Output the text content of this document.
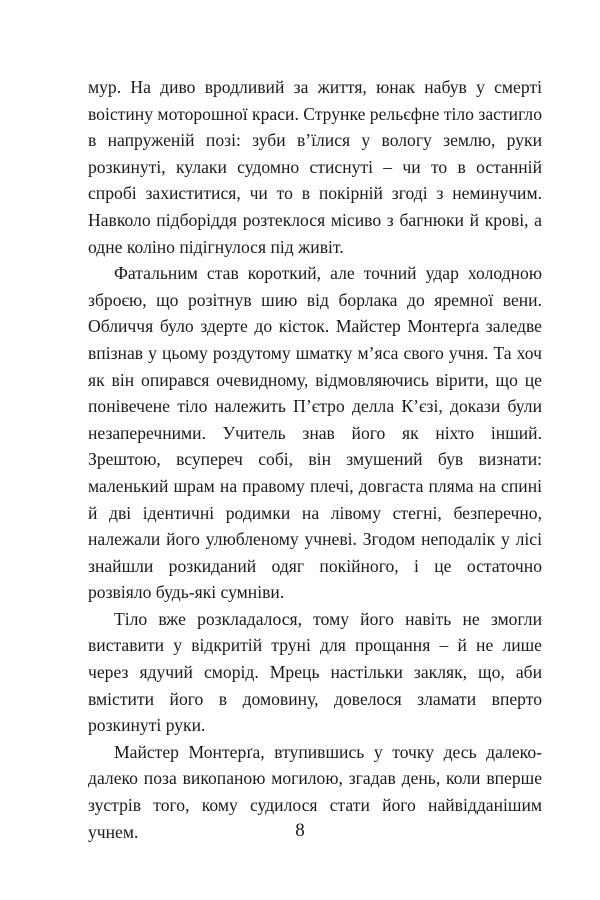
мур. На диво вродливий за життя, юнак набув у смерті воістину моторошної краси. Струнке рельєфне тіло застигло в напруженій позі: зуби в’їлися у вологу землю, руки розкинуті, кулаки судомно стиснуті – чи то в останній спробі захиститися, чи то в покірній згоді з неминучим. Навколо підборіддя розтеклося місиво з багнюки й крові, а одне коліно підігнулося під живіт.

Фатальним став короткий, але точний удар холодною зброєю, що розітнув шию від борлака до яремної вени. Обличчя було здерте до кісток. Майстер Монтерґа заледве впізнав у цьому роздутому шматку м’яса свого учня. Та хоч як він опирався очевидному, відмовляючись вірити, що це понівечене тіло належить П’єтро делла К’єзі, докази були незаперечними. Учитель знав його як ніхто інший. Зрештою, всупереч собі, він змушений був визнати: маленький шрам на правому плечі, довгаста пляма на спині й дві ідентичні родимки на лівому стегні, безперечно, належали його улюбленому учневі. Згодом неподалік у лісі знайшли розкиданий одяг покійного, і це остаточно розвіяло будь-які сумніви.

Тіло вже розкладалося, тому його навіть не змогли виставити у відкритій труні для прощання – й не лише через ядучий сморід. Мрець настільки закляк, що, аби вмістити його в домовину, довелося зламати вперто розкинуті руки.

Майстер Монтерґа, втупившись у точку десь далеко-далеко поза викопаною могилою, згадав день, коли вперше зустрів того, кому судилося стати його найвідданішим учнем.	8
